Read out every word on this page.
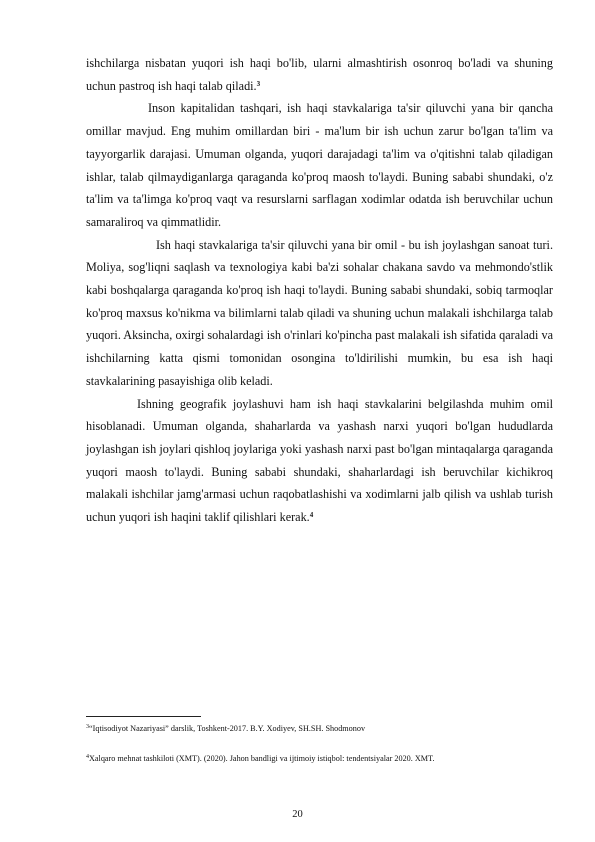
ishchilarga nisbatan yuqori ish haqi bo'lib, ularni almashtirish osonroq bo'ladi va shuning uchun pastroq ish haqi talab qiladi.$^3$

Inson kapitalidan tashqari, ish haqi stavkalariga ta'sir qiluvchi yana bir qancha omillar mavjud. Eng muhim omillardan biri - ma'lum bir ish uchun zarur bo'lgan ta'lim va tayyorgarlik darajasi. Umuman olganda, yuqori darajadagi ta'lim va o'qitishni talab qiladigan ishlar, talab qilmaydiganlarga qaraganda ko'proq maosh to'laydi. Buning sababi shundaki, o'z ta'lim va ta'limga ko'proq vaqt va resurslarni sarflagan xodimlar odatda ish beruvchilar uchun samaraliroq va qimmatlidir.

Ish haqi stavkalariga ta'sir qiluvchi yana bir omil - bu ish joylashgan sanoat turi. Moliya, sog'liqni saqlash va texnologiya kabi ba'zi sohalar chakana savdo va mehmondo'stlik kabi boshqalarga qaraganda ko'proq ish haqi to'laydi. Buning sababi shundaki, sobiq tarmoqlar ko'proq maxsus ko'nikma va bilimlarni talab qiladi va shuning uchun malakali ishchilarga talab yuqori. Aksincha, oxirgi sohalardagi ish o'rinlari ko'pincha past malakali ish sifatida qaraladi va ishchilarning katta qismi tomonidan osongina to'ldirilishi mumkin, bu esa ish haqi stavkalarining pasayishiga olib keladi.

Ishning geografik joylashuvi ham ish haqi stavkalarini belgilashda muhim omil hisoblanadi. Umuman olganda, shaharlarda va yashash narxi yuqori bo'lgan hududlarda joylashgan ish joylari qishloq joylariga yoki yashash narxi past bo'lgan mintaqalarga qaraganda yuqori maosh to'laydi. Buning sababi shundaki, shaharlardagi ish beruvchilar kichikroq malakali ishchilar jamg'armasi uchun raqobatlashishi va xodimlarni jalb qilish va ushlab turish uchun yuqori ish haqini taklif qilishlari kerak.$^4$

$^3$“Iqtisodiyot Nazariyasi” darslik, Toshkent-2017. B.Y. Xodiyev, SH.SH. Shodmonov
$^4$Xalqaro mehnat tashkiloti (XMT). (2020). Jahon bandligi va ijtimoiy istiqbol: tendentsiyalar 2020. XMT.
20
